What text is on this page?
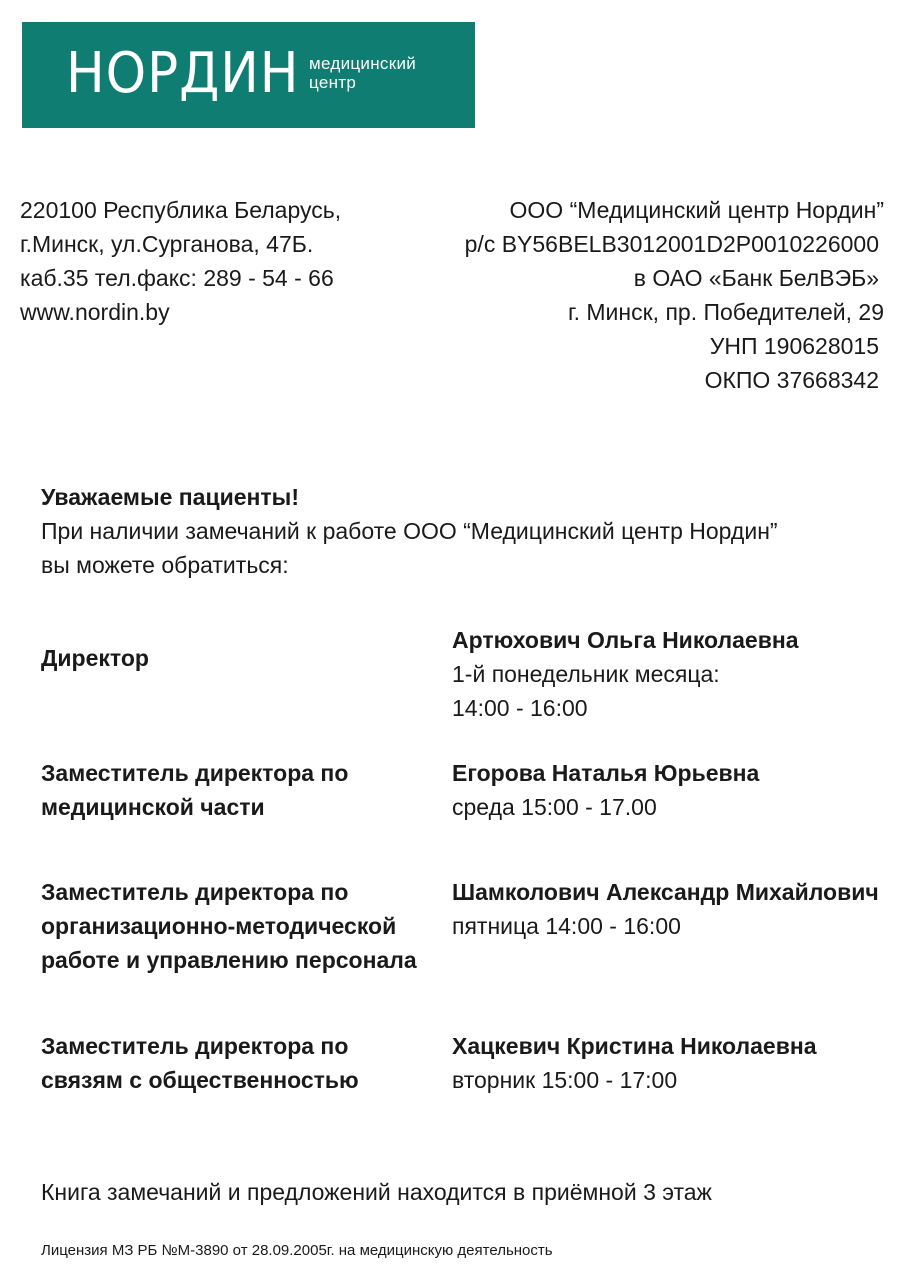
НОРДИН медицинский
центр
220100 Республика Беларусь,
г.Минск, ул.Сурганова, 47Б.
каб.35 тел.факс: 289 - 54 - 66
www.nordin.by
ООО “Медицинский центр Нордин”
р/с BY56BELB3012001D2P0010226000
в ОАО «Банк БелВЭБ»
г. Минск, пр. Победителей, 29
УНП 190628015
ОКПО 37668342
Уважаемые пациенты!
При наличии замечаний к работе ООО “Медицинский центр Нордин”
вы можете обратиться:
Директор
Артюхович Ольга Николаевна
1-й понедельник месяца:
14:00 - 16:00
Заместитель директора по
медицинской части
Егорова Наталья Юрьевна
среда 15:00 - 17.00
Заместитель директора по
организационно-методической
работе и управлению персонала
Шамколович Александр Михайлович
пятница 14:00 - 16:00
Заместитель директора по
связям с общественностью
Хацкевич Кристина Николаевна
вторник 15:00 - 17:00
Книга замечаний и предложений находится в приёмной 3 этаж
Лицензия МЗ РБ №М-3890 от 28.09.2005г. на медицинскую деятельность
